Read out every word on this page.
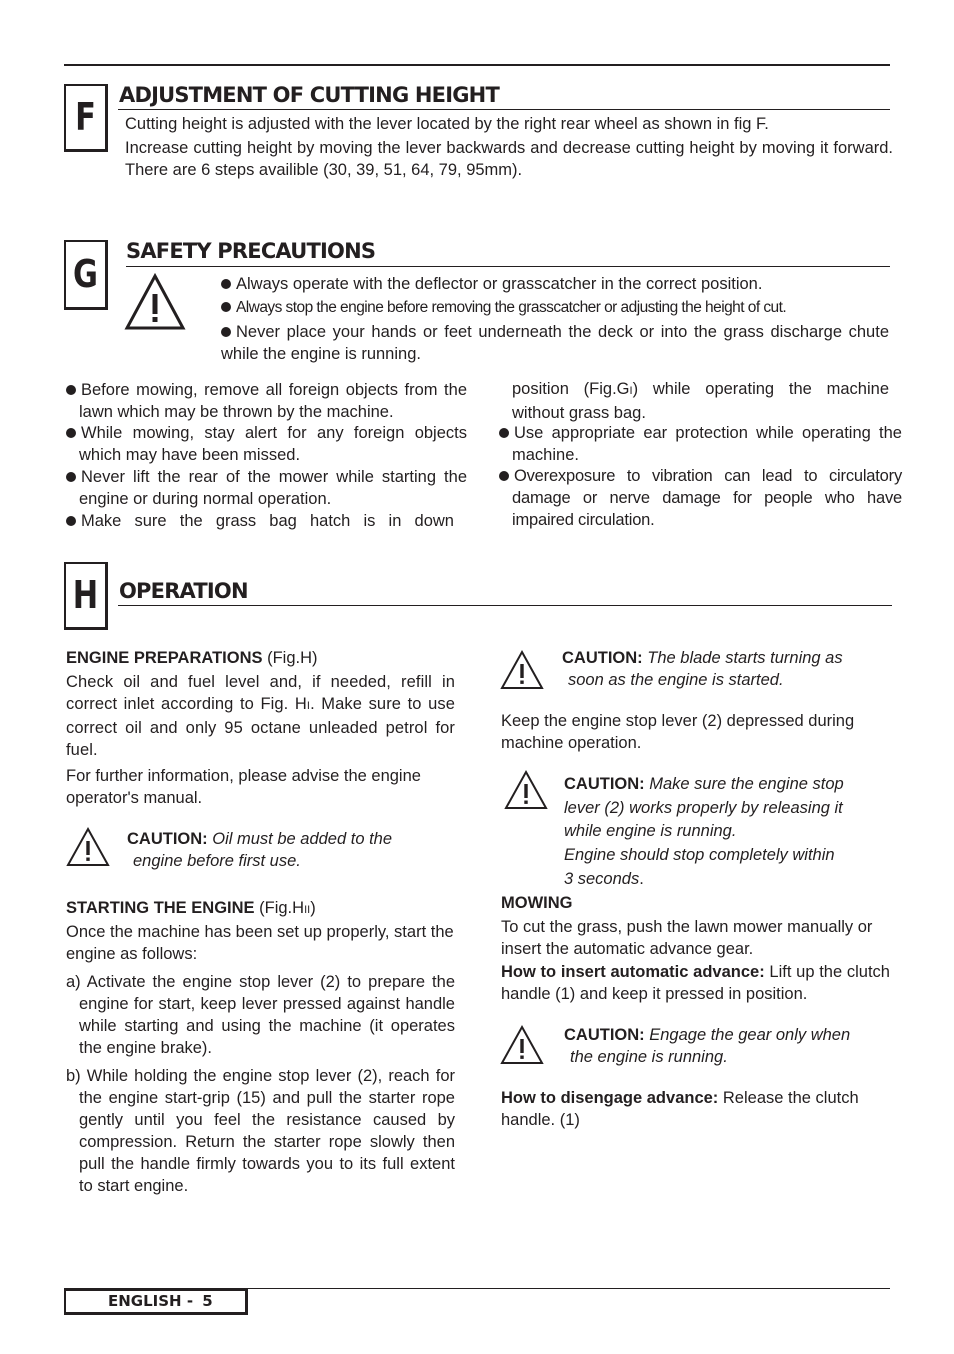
F ADJUSTMENT OF CUTTING HEIGHT
Cutting height is adjusted with the lever located by the right rear wheel as shown in fig F.
Increase cutting height by moving the lever backwards and decrease cutting height by moving it forward. There are 6 steps availible (30, 39, 51, 64, 79, 95mm).
G
SAFETY PRECAUTIONS
Always operate with the deflector or grasscatcher in the correct position.
Always stop the engine before removing the grasscatcher or adjusting the height of cut.
Never place your hands or feet underneath the deck or into the grass discharge chute while the engine is running.
Before mowing, remove all foreign objects from the lawn which may be thrown by the machine.
While mowing, stay alert for any foreign objects which may have been missed.
Never lift the rear of the mower while starting the engine or during normal operation.
Make sure the grass bag hatch is in down
position (Fig.GI) while operating the machine without grass bag.
Use appropriate ear protection while operating the machine.
Overexposure to vibration can lead to circulatory damage or nerve damage for people who have impaired circulation.
H OPERATION
ENGINE PREPARATIONS (Fig.H)
Check oil and fuel level and, if needed, refill in correct inlet according to Fig. HI. Make sure to use correct oil and only 95 octane unleaded petrol for fuel.
For further information, please advise the engine operator's manual.
CAUTION: Oil must be added to the
engine before first use.
STARTING THE ENGINE (Fig.HII)
Once the machine has been set up properly, start the engine as follows:
a) Activate the engine stop lever (2) to prepare the engine for start, keep lever pressed against handle while starting and using the machine (it operates the engine brake).
b) While holding the engine stop lever (2), reach for the engine start-grip (15) and pull the starter rope gently until you feel the resistance caused by compression. Return the starter rope slowly then pull the handle firmly towards you to its full extent to start engine.
CAUTION: The blade starts turning as
soon as the engine is started.
Keep the engine stop lever (2) depressed during machine operation.
CAUTION: Make sure the engine stop
lever (2) works properly by releasing it
while engine is running.
Engine should stop completely within
3 seconds.
MOWING
To cut the grass, push the lawn mower manually or insert the automatic advance gear.
How to insert automatic advance: Lift up the clutch handle (1) and keep it pressed in position.
CAUTION: Engage the gear only when
the engine is running.
How to disengage advance: Release the clutch handle. (1)
ENGLISH - 5
